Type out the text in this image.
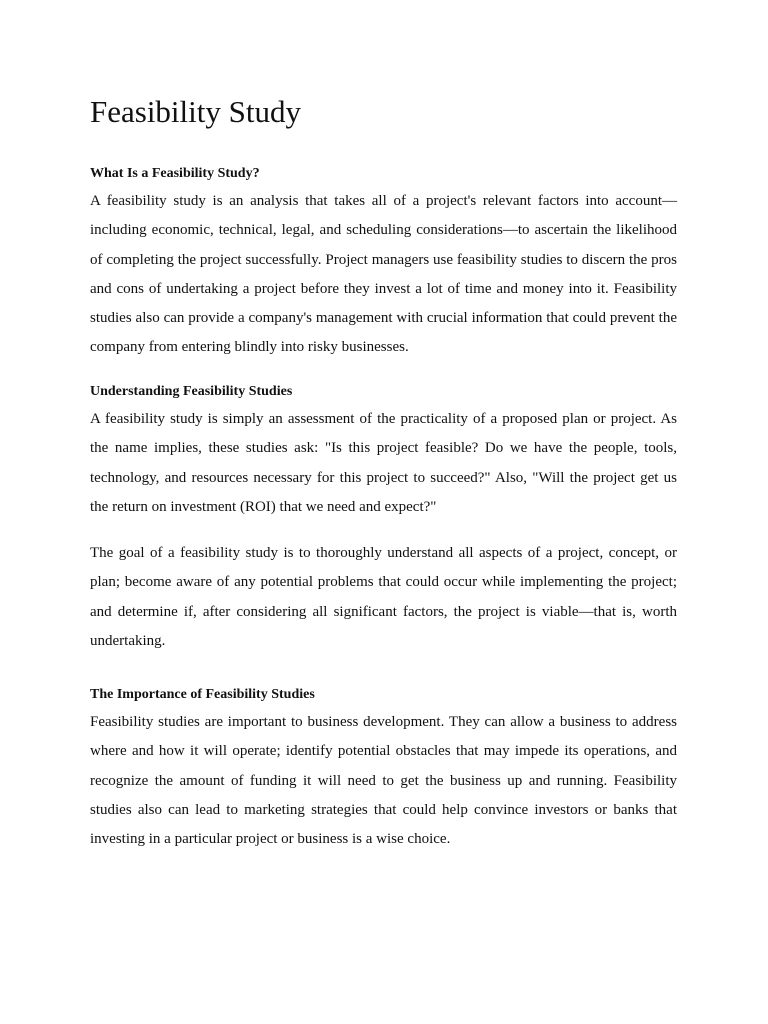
Feasibility Study
What Is a Feasibility Study?

A feasibility study is an analysis that takes all of a project's relevant factors into account—including economic, technical, legal, and scheduling considerations—to ascertain the likelihood of completing the project successfully. Project managers use feasibility studies to discern the pros and cons of undertaking a project before they invest a lot of time and money into it. Feasibility studies also can provide a company's management with crucial information that could prevent the company from entering blindly into risky businesses.

Understanding Feasibility Studies

A feasibility study is simply an assessment of the practicality of a proposed plan or project. As the name implies, these studies ask: "Is this project feasible? Do we have the people, tools, technology, and resources necessary for this project to succeed?" Also, "Will the project get us the return on investment (ROI) that we need and expect?"

The goal of a feasibility study is to thoroughly understand all aspects of a project, concept, or plan; become aware of any potential problems that could occur while implementing the project; and determine if, after considering all significant factors, the project is viable—that is, worth undertaking.

The Importance of Feasibility Studies

Feasibility studies are important to business development. They can allow a business to address where and how it will operate; identify potential obstacles that may impede its operations, and recognize the amount of funding it will need to get the business up and running. Feasibility studies also can lead to marketing strategies that could help convince investors or banks that investing in a particular project or business is a wise choice.
